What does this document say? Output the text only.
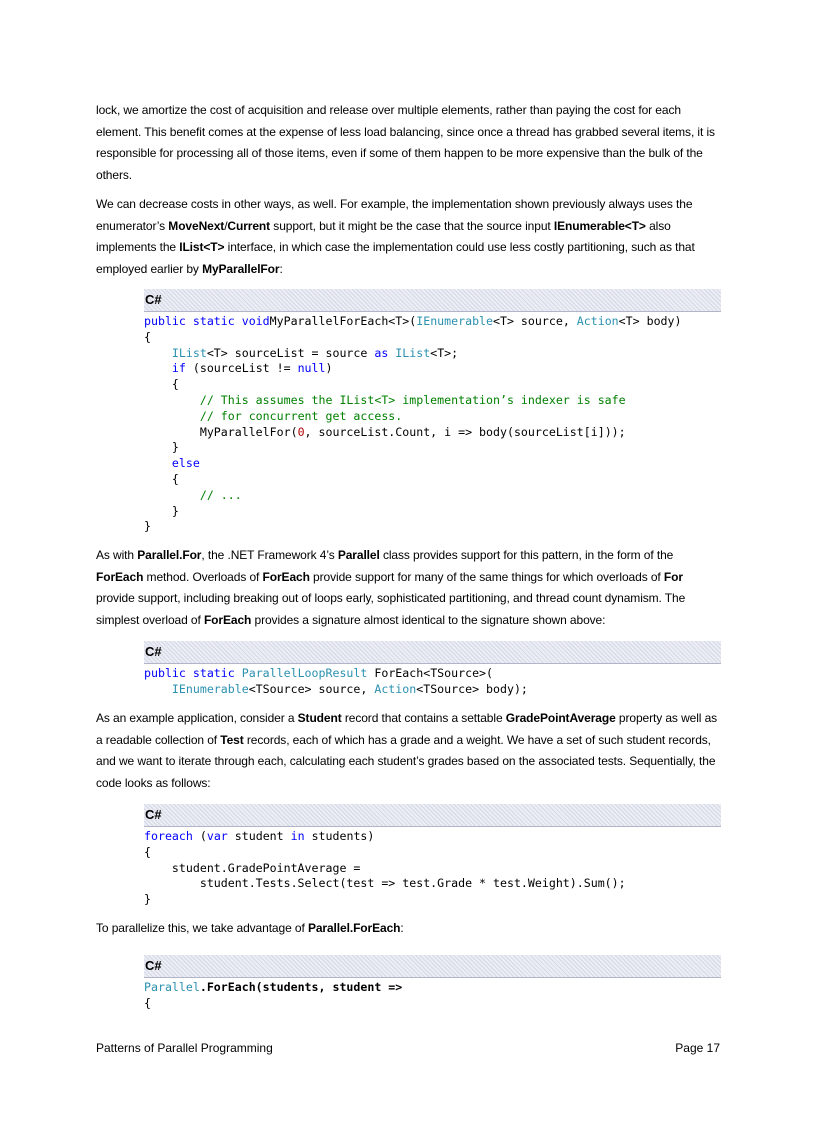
lock, we amortize the cost of acquisition and release over multiple elements, rather than paying the cost for each element. This benefit comes at the expense of less load balancing, since once a thread has grabbed several items, it is responsible for processing all of those items, even if some of them happen to be more expensive than the bulk of the others.

We can decrease costs in other ways, as well. For example, the implementation shown previously always uses the enumerator’s MoveNext/Current support, but it might be the case that the source input IEnumerable<T> also implements the IList<T> interface, in which case the implementation could use less costly partitioning, such as that employed earlier by MyParallelFor:

As with Parallel.For, the .NET Framework 4’s Parallel class provides support for this pattern, in the form of the ForEach method. Overloads of ForEach provide support for many of the same things for which overloads of For provide support, including breaking out of loops early, sophisticated partitioning, and thread count dynamism. The simplest overload of ForEach provides a signature almost identical to the signature shown above:

As an example application, consider a Student record that contains a settable GradePointAverage property as well as a readable collection of Test records, each of which has a grade and a weight. We have a set of such student records, and we want to iterate through each, calculating each student’s grades based on the associated tests. Sequentially, the code looks as follows:

To parallelize this, we take advantage of Parallel.ForEach:

C#
public static voidMyParallelForEach<T>(IEnumerable<T> source, Action<T> body)
{
IList<T> sourceList = source as IList<T>;
if (sourceList != null)
{
// This assumes the IList<T> implementation’s indexer is safe
// for concurrent get access.
MyParallelFor(0, sourceList.Count, i => body(sourceList[i]));
}
else
{
// ...
}
}
C#
public static ParallelLoopResult ForEach<TSource>(
IEnumerable<TSource> source, Action<TSource> body);
C#
foreach (var student in students)
{
student.GradePointAverage =
student.Tests.Select(test => test.Grade * test.Weight).Sum();
}
C#
Parallel.ForEach(students, student =>
{
Patterns of Parallel Programming	Page 17
